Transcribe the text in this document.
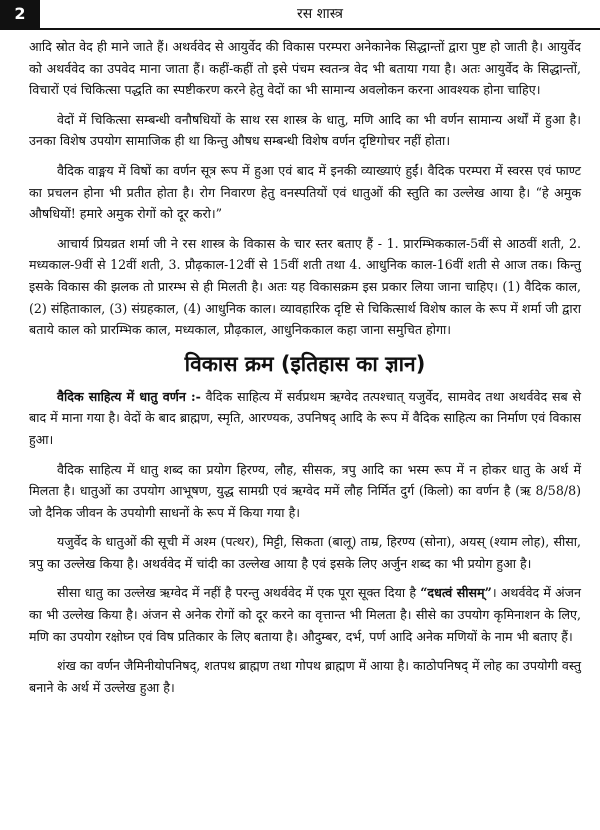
2	रस शास्त्र

आदि स्रोत वेद ही माने जाते हैं। अथर्ववेद से आयुर्वेद की विकास परम्परा अनेकानेक सिद्धान्तों द्वारा पुष्ट हो जाती है। आयुर्वेद को अथर्ववेद का उपवेद माना जाता हैं। कहीं-कहीं तो इसे पंचम स्वतन्त्र वेद भी बताया गया है। अतः आयुर्वेद के सिद्धान्तों, विचारों एवं चिकित्सा पद्धति का स्पष्टीकरण करने हेतु वेदों का भी सामान्य अवलोकन करना आवश्यक होना चाहिए।

वेदों में चिकित्सा सम्बन्धी वनौषधियों के साथ रस शास्त्र के धातु, मणि आदि का भी वर्णन सामान्य अर्थों में हुआ है। उनका विशेष उपयोग सामाजिक ही था किन्तु औषध सम्बन्धी विशेष वर्णन दृष्टिगोचर नहीं होता।

वैदिक वाङ्मय में विषों का वर्णन सूत्र रूप में हुआ एवं बाद में इनकी व्याख्याएं हुईं। वैदिक परम्परा में स्वरस एवं फाण्ट का प्रचलन होना भी प्रतीत होता है। रोग निवारण हेतु वनस्पतियों एवं धातुओं की स्तुति का उल्लेख आया है। “हे अमुक औषधियों! हमारे अमुक रोगों को दूर करो।”

आचार्य प्रियव्रत शर्मा जी ने रस शास्त्र के विकास के चार स्तर बताए हैं - 1. प्रारम्भिककाल-5वीं से आठवीं शती, 2. मध्यकाल-9वीं से 12वीं शती, 3. प्रौढ़काल-12वीं से 15वीं शती तथा 4. आधुनिक काल-16वीं शती से आज तक। किन्तु इसके विकास की झलक तो प्रारम्भ से ही मिलती है। अतः यह विकासक्रम इस प्रकार लिया जाना चाहिए। (1) वैदिक काल, (2) संहिताकाल, (3) संग्रहकाल, (4) आधुनिक काल। व्यावहारिक दृष्टि से चिकित्सार्थ विशेष काल के रूप में शर्मा जी द्वारा बताये काल को प्रारम्भिक काल, मध्यकाल, प्रौढ़काल, आधुनिककाल कहा जाना समुचित होगा।

विकास क्रम (इतिहास का ज्ञान)

वैदिक साहित्य में धातु वर्णन :- वैदिक साहित्य में सर्वप्रथम ऋग्वेद तत्पश्चात् यजुर्वेद, सामवेद तथा अथर्ववेद सब से बाद में माना गया है। वेदों के बाद ब्राह्मण, स्मृति, आरण्यक, उपनिषद् आदि के रूप में वैदिक साहित्य का निर्माण एवं विकास हुआ।

वैदिक साहित्य में धातु शब्द का प्रयोग हिरण्य, लौह, सीसक, त्रपु आदि का भस्म रूप में न होकर धातु के अर्थ में मिलता है। धातुओं का उपयोग आभूषण, युद्ध सामग्री एवं ऋग्वेद ममें लौह निर्मित दुर्ग (किलो) का वर्णन है (ऋ 8/58/8) जो दैनिक जीवन के उपयोगी साधनों के रूप में किया गया है।

यजुर्वेद के धातुओं की सूची में अश्म (पत्थर), मिट्टी, सिकता (बालू) ताम्र, हिरण्य (सोना), अयस् (श्याम लोह), सीसा, त्रपु का उल्लेख किया है। अथर्ववेद में चांदी का उल्लेख आया है एवं इसके लिए अर्जुन शब्द का भी प्रयोग हुआ है।

सीसा धातु का उल्लेख ऋग्वेद में नहीं है परन्तु अथर्ववेद में एक पूरा सूक्त दिया है “दधत्वं सीसम्”। अथर्ववेद में अंजन का भी उल्लेख किया है। अंजन से अनेक रोगों को दूर करने का वृत्तान्त भी मिलता है। सीसे का उपयोग कृमिनाशन के लिए, मणि का उपयोग रक्षोघ्न एवं विष प्रतिकार के लिए बताया है। औदुम्बर, दर्भ, पर्ण आदि अनेक मणियों के नाम भी बताए हैं।

शंख का वर्णन जैमिनीयोपनिषद्, शतपथ ब्राह्मण तथा गोपथ ब्राह्मण में आया है। काठोपनिषद् में लोह का उपयोगी वस्तु बनाने के अर्थ में उल्लेख हुआ है।
